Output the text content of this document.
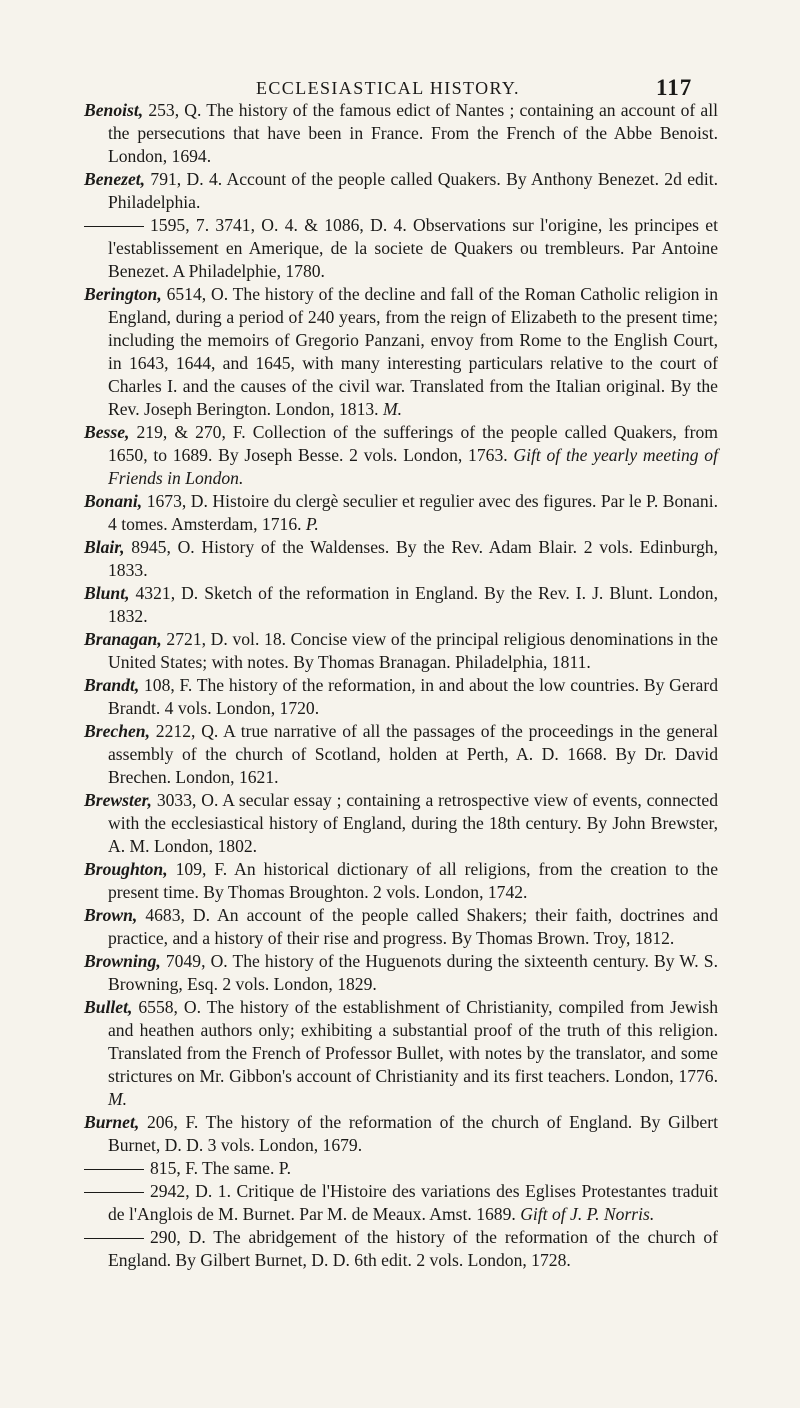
ECCLESIASTICAL HISTORY.	117

Benoist, 253, Q. The history of the famous edict of Nantes ; containing an account of all the persecutions that have been in France. From the French of the Abbe Benoist. London, 1694.

Benezet, 791, D. 4. Account of the people called Quakers. By Anthony Benezet. 2d edit. Philadelphia.

1595, 7. 3741, O. 4. & 1086, D. 4. Observations sur l'origine, les principes et l'establissement en Amerique, de la societe de Quakers ou trembleurs. Par Antoine Benezet. A Philadelphie, 1780.

Berington, 6514, O. The history of the decline and fall of the Roman Catholic religion in England, during a period of 240 years, from the reign of Elizabeth to the present time; including the memoirs of Gregorio Panzani, envoy from Rome to the English Court, in 1643, 1644, and 1645, with many interesting particulars relative to the court of Charles I. and the causes of the civil war. Translated from the Italian original. By the Rev. Joseph Berington. London, 1813. M.

Besse, 219, & 270, F. Collection of the sufferings of the people called Quakers, from 1650, to 1689. By Joseph Besse. 2 vols. London, 1763. Gift of the yearly meeting of Friends in London.

Bonani, 1673, D. Histoire du clergè seculier et regulier avec des figures. Par le P. Bonani. 4 tomes. Amsterdam, 1716. P.

Blair, 8945, O. History of the Waldenses. By the Rev. Adam Blair. 2 vols. Edinburgh, 1833.

Blunt, 4321, D. Sketch of the reformation in England. By the Rev. I. J. Blunt. London, 1832.

Branagan, 2721, D. vol. 18. Concise view of the principal religious denominations in the United States; with notes. By Thomas Branagan. Philadelphia, 1811.

Brandt, 108, F. The history of the reformation, in and about the low countries. By Gerard Brandt. 4 vols. London, 1720.

Brechen, 2212, Q. A true narrative of all the passages of the proceedings in the general assembly of the church of Scotland, holden at Perth, A. D. 1668. By Dr. David Brechen. London, 1621.

Brewster, 3033, O. A secular essay ; containing a retrospective view of events, connected with the ecclesiastical history of England, during the 18th century. By John Brewster, A. M. London, 1802.

Broughton, 109, F. An historical dictionary of all religions, from the creation to the present time. By Thomas Broughton. 2 vols. London, 1742.

Brown, 4683, D. An account of the people called Shakers; their faith, doctrines and practice, and a history of their rise and progress. By Thomas Brown. Troy, 1812.

Browning, 7049, O. The history of the Huguenots during the sixteenth century. By W. S. Browning, Esq. 2 vols. London, 1829.

Bullet, 6558, O. The history of the establishment of Christianity, compiled from Jewish and heathen authors only; exhibiting a substantial proof of the truth of this religion. Translated from the French of Professor Bullet, with notes by the translator, and some strictures on Mr. Gibbon's account of Christianity and its first teachers. London, 1776. M.

Burnet, 206, F. The history of the reformation of the church of England. By Gilbert Burnet, D. D. 3 vols. London, 1679.

815, F. The same. P.

2942, D. 1. Critique de l'Histoire des variations des Eglises Protestantes traduit de l'Anglois de M. Burnet. Par M. de Meaux. Amst. 1689. Gift of J. P. Norris.

290, D. The abridgement of the history of the reformation of the church of England. By Gilbert Burnet, D. D. 6th edit. 2 vols. London, 1728.
